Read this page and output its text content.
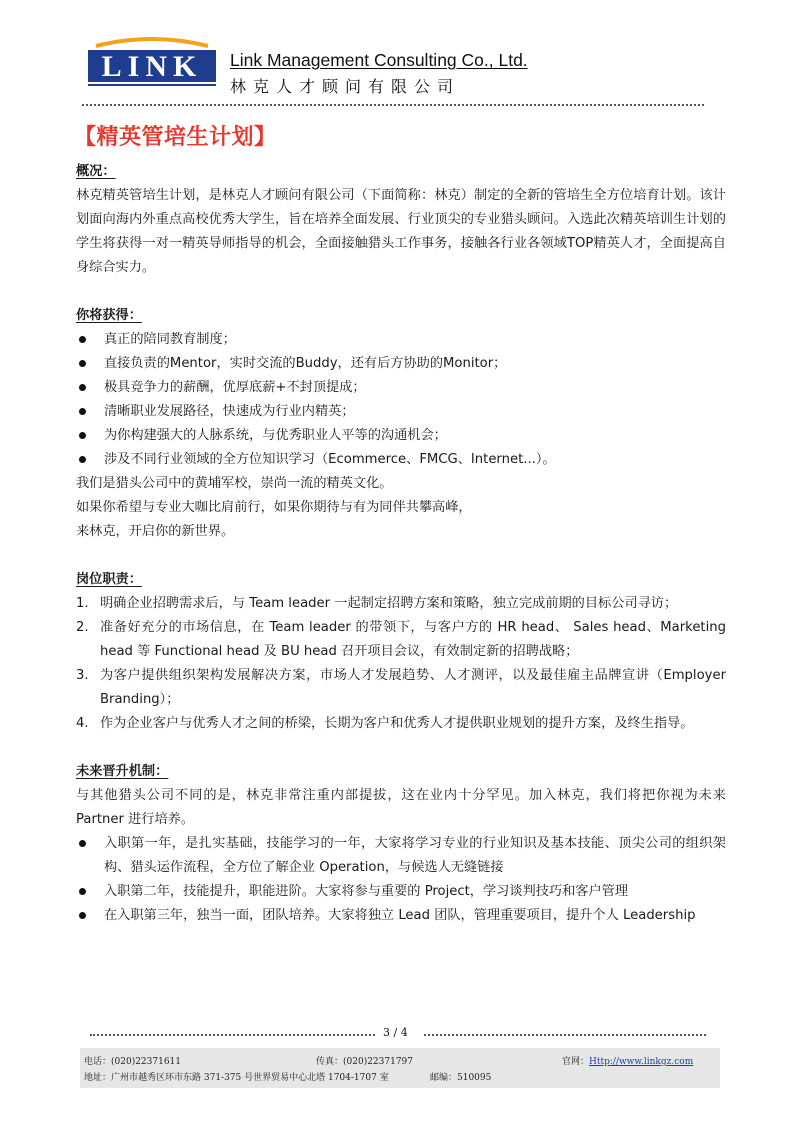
LINK Link Management Consulting Co., Ltd.
林克人才顾问有限公司
【精英管培生计划】

概况：

林克精英管培生计划，是林克人才顾问有限公司（下面简称：林克）制定的全新的管培生全方位培育计划。该计划面向海内外重点高校优秀大学生，旨在培养全面发展、行业顶尖的专业猎头顾问。入选此次精英培训生计划的学生将获得一对一精英导师指导的机会，全面接触猎头工作事务，接触各行业各领域TOP精英人才，全面提高自身综合实力。

你将获得：

真正的陪同教育制度；
直接负责的Mentor，实时交流的Buddy，还有后方协助的Monitor；
极具竞争力的薪酬，优厚底薪+不封顶提成；
清晰职业发展路径，快速成为行业内精英；
为你构建强大的人脉系统，与优秀职业人平等的沟通机会；
涉及不同行业领域的全方位知识学习（Ecommerce、FMCG、Internet...）。

我们是猎头公司中的黄埔军校，崇尚一流的精英文化。

如果你希望与专业大咖比肩前行，如果你期待与有为同伴共攀高峰，

来林克，开启你的新世界。

岗位职责：

1. 明确企业招聘需求后，与 Team leader 一起制定招聘方案和策略，独立完成前期的目标公司寻访；
2. 准备好充分的市场信息，在 Team leader 的带领下，与客户方的 HR head、 Sales head、Marketing head 等 Functional head 及 BU head 召开项目会议，有效制定新的招聘战略；
3. 为客户提供组织架构发展解决方案，市场人才发展趋势、人才测评，以及最佳雇主品牌宣讲（Employer Branding）；
4. 作为企业客户与优秀人才之间的桥梁，长期为客户和优秀人才提供职业规划的提升方案，及终生指导。

未来晋升机制：

与其他猎头公司不同的是，林克非常注重内部提拔，这在业内十分罕见。加入林克，我们将把你视为未来 Partner 进行培养。

入职第一年，是扎实基础，技能学习的一年，大家将学习专业的行业知识及基本技能、顶尖公司的组织架构、猎头运作流程，全方位了解企业 Operation，与候选人无缝链接
入职第二年，技能提升，职能进阶。大家将参与重要的 Project，学习谈判技巧和客户管理
在入职第三年，独当一面，团队培养。大家将独立 Lead 团队，管理重要项目，提升个人 Leadership
3 / 4
电话：(020)22371611	传真：(020)22371797	官网：Http://www.linkgz.com
地址：广州市越秀区环市东路 371-375 号世界贸易中心北塔 1704-1707 室	邮编：510095
